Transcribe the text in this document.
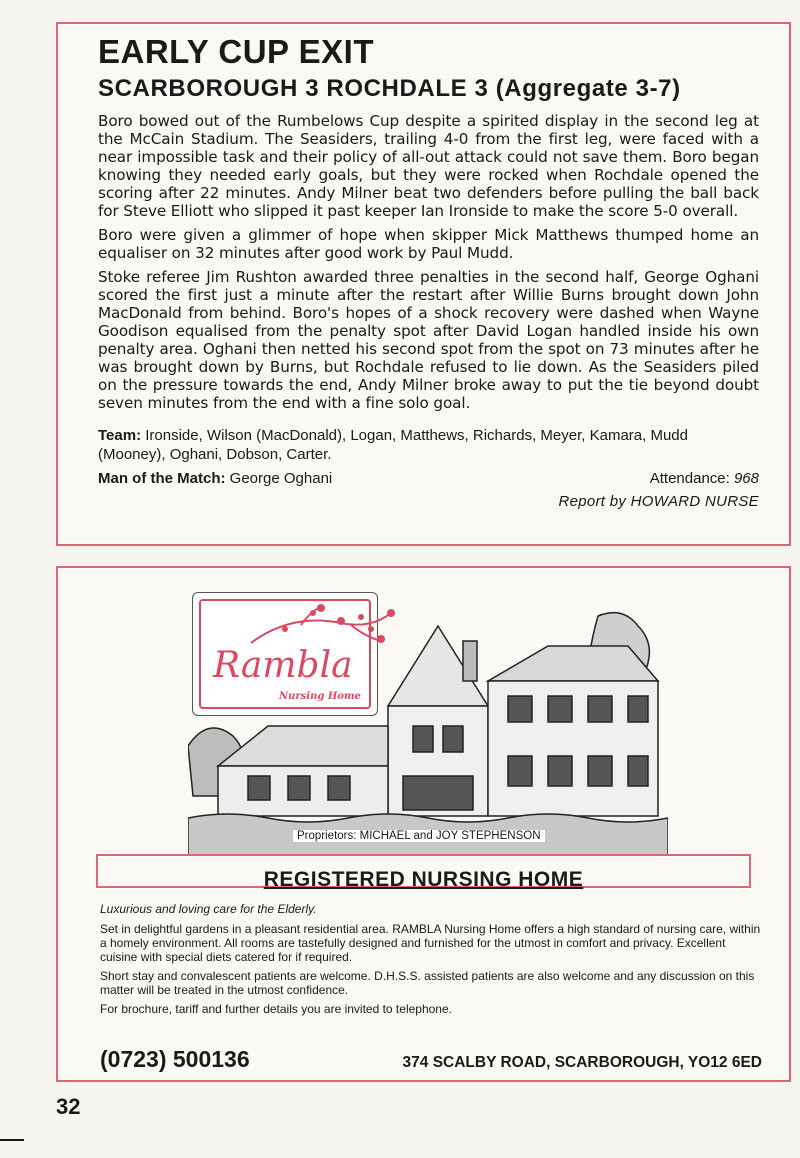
EARLY CUP EXIT
SCARBOROUGH 3 ROCHDALE 3 (Aggregate 3-7)

Boro bowed out of the Rumbelows Cup despite a spirited display in the second leg at the McCain Stadium. The Seasiders, trailing 4-0 from the first leg, were faced with a near impossible task and their policy of all-out attack could not save them. Boro began knowing they needed early goals, but they were rocked when Rochdale opened the scoring after 22 minutes. Andy Milner beat two defenders before pulling the ball back for Steve Elliott who slipped it past keeper Ian Ironside to make the score 5-0 overall.

Boro were given a glimmer of hope when skipper Mick Matthews thumped home an equaliser on 32 minutes after good work by Paul Mudd.

Stoke referee Jim Rushton awarded three penalties in the second half, George Oghani scored the first just a minute after the restart after Willie Burns brought down John MacDonald from behind. Boro's hopes of a shock recovery were dashed when Wayne Goodison equalised from the penalty spot after David Logan handled inside his own penalty area. Oghani then netted his second spot from the spot on 73 minutes after he was brought down by Burns, but Rochdale refused to lie down. As the Seasiders piled on the pressure towards the end, Andy Milner broke away to put the tie beyond doubt seven minutes from the end with a fine solo goal.

Team: Ironside, Wilson (MacDonald), Logan, Matthews, Richards, Meyer, Kamara, Mudd (Mooney), Oghani, Dobson, Carter.
Man of the Match: George Oghani	Attendance: 968
Report by HOWARD NURSE
Rambla
Nursing Home
Proprietors: MICHAEL and JOY STEPHENSON
REGISTERED NURSING HOME

Luxurious and loving care for the Elderly.

Set in delightful gardens in a pleasant residential area. RAMBLA Nursing Home offers a high standard of nursing care, within a homely environment. All rooms are tastefully designed and furnished for the utmost in comfort and privacy. Excellent cuisine with special diets catered for if required.

Short stay and convalescent patients are welcome. D.H.S.S. assisted patients are also welcome and any discussion on this matter will be treated in the utmost confidence.

For brochure, tariff and further details you are invited to telephone.

(0723) 500136	374 SCALBY ROAD, SCARBOROUGH, YO12 6ED
32
